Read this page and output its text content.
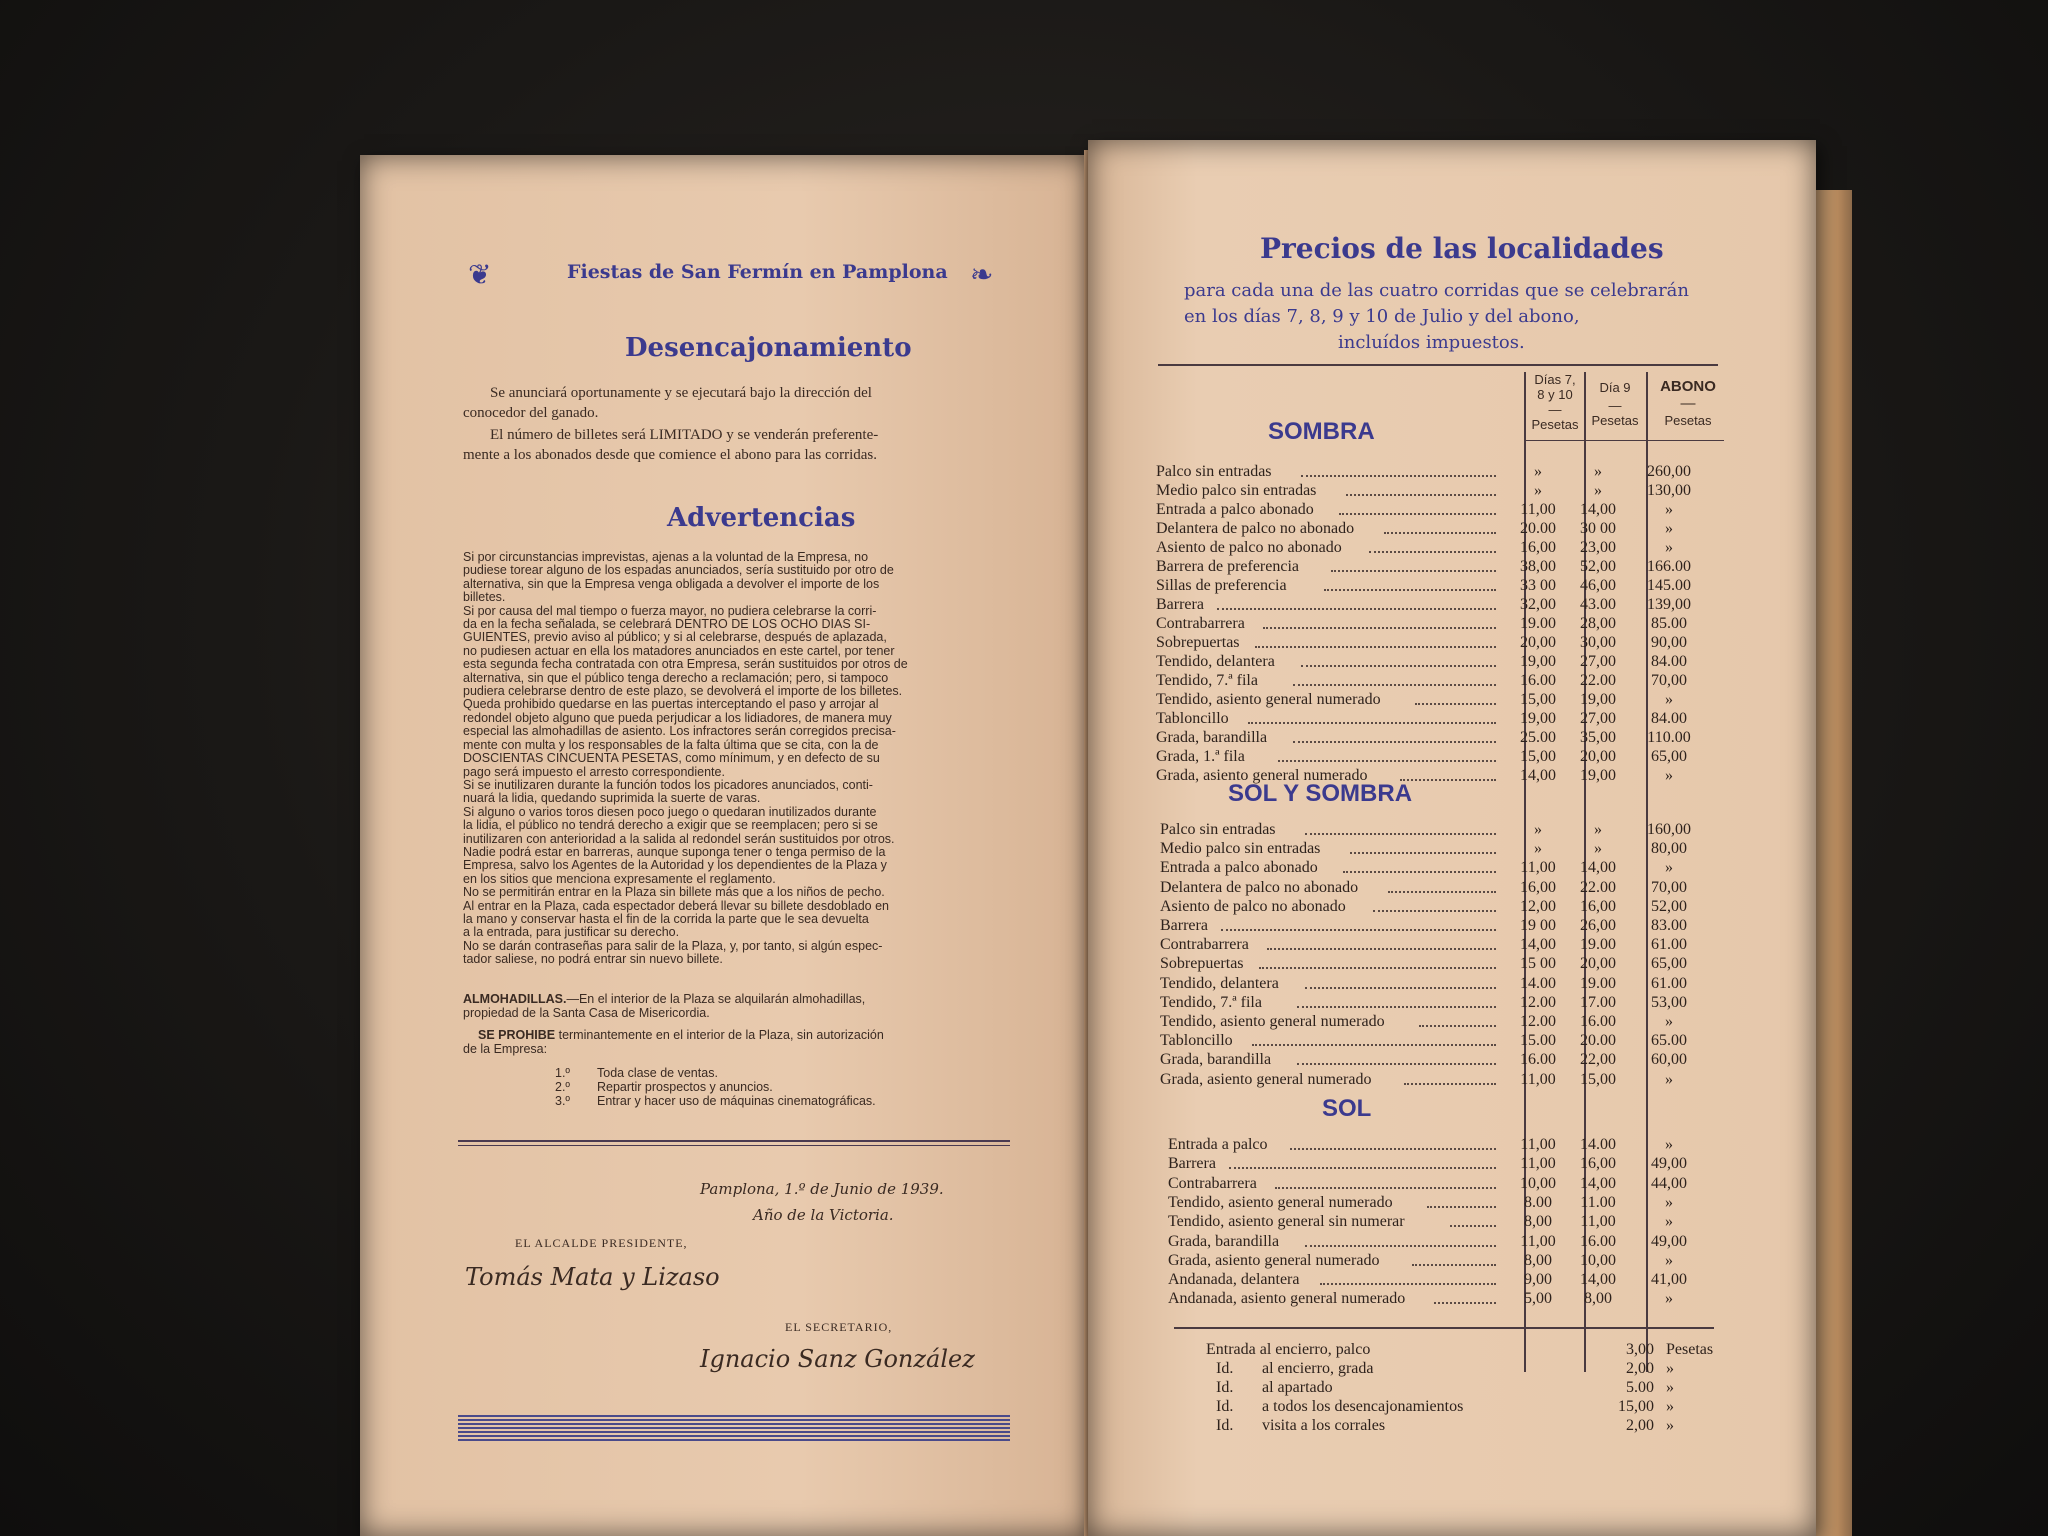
❦	Fiestas de San Fermín en Pamplona ❧
Desencajonamiento
Se anunciará oportunamente y se ejecutará bajo la dirección del
conocedor del ganado.
El número de billetes será LIMITADO y se venderán preferente-
mente a los abonados desde que comience el abono para las corridas.
Advertencias
Si por circunstancias imprevistas, ajenas a la voluntad de la Empresa, no
pudiese torear alguno de los espadas anunciados, sería sustituido por otro de
alternativa, sin que la Empresa venga obligada a devolver el importe de los
billetes.
Si por causa del mal tiempo o fuerza mayor, no pudiera celebrarse la corri-
da en la fecha señalada, se celebrará DENTRO DE LOS OCHO DIAS SI-
GUIENTES, previo aviso al público; y si al celebrarse, después de aplazada,
no pudiesen actuar en ella los matadores anunciados en este cartel, por tener
esta segunda fecha contratada con otra Empresa, serán sustituidos por otros de
alternativa, sin que el público tenga derecho a reclamación; pero, si tampoco
pudiera celebrarse dentro de este plazo, se devolverá el importe de los billetes.
Queda prohibido quedarse en las puertas interceptando el paso y arrojar al
redondel objeto alguno que pueda perjudicar a los lidiadores, de manera muy
especial las almohadillas de asiento. Los infractores serán corregidos precisa-
mente con multa y los responsables de la falta última que se cita, con la de
DOSCIENTAS CINCUENTA PESETAS, como mínimum, y en defecto de su
pago será impuesto el arresto correspondiente.
Si se inutilizaren durante la función todos los picadores anunciados, conti-
nuará la lidia, quedando suprimida la suerte de varas.
Si alguno o varios toros diesen poco juego o quedaran inutilizados durante
la lidia, el público no tendrá derecho a exigir que se reemplacen; pero si se
inutilizaren con anterioridad a la salida al redondel serán sustituidos por otros.
Nadie podrá estar en barreras, aunque suponga tener o tenga permiso de la
Empresa, salvo los Agentes de la Autoridad y los dependientes de la Plaza y
en los sitios que menciona expresamente el reglamento.
No se permitirán entrar en la Plaza sin billete más que a los niños de pecho.
Al entrar en la Plaza, cada espectador deberá llevar su billete desdoblado en
la mano y conservar hasta el fin de la corrida la parte que le sea devuelta
a la entrada, para justificar su derecho.
No se darán contraseñas para salir de la Plaza, y, por tanto, si algún espec-
tador saliese, no podrá entrar sin nuevo billete.
ALMOHADILLAS.—En el interior de la Plaza se alquilarán almohadillas,
propiedad de la Santa Casa de Misericordia.
SE PROHIBE terminantemente en el interior de la Plaza, sin autorización
de la Empresa:
1.º Toda clase de ventas.
2.º Repartir prospectos y anuncios.
3.º Entrar y hacer uso de máquinas cinematográficas.
Pamplona, 1.º de Junio de 1939.
Año de la Victoria.
EL ALCALDE PRESIDENTE,
Tomás Mata y Lizaso
EL SECRETARIO,
Ignacio Sanz González
Precios de las localidades
para cada una de las cuatro corridas que se celebrarán
en los días 7, 8, 9 y 10 de Julio y del abono,
incluídos impuestos.
Días 7,
8 y 10
—
Pesetas
Día 9
—
Pesetas
ABONO
—
Pesetas
SOMBRA
Palco sin entradas	»	»	260,00
Medio palco sin entradas	»	»	130,00
Entrada a palco abonado	11,00	14,00	»
Delantera de palco no abonado	20.00	30 00	»
Asiento de palco no abonado	16,00	23,00	»
Barrera de preferencia	38,00	52,00	166.00
Sillas de preferencia	33 00	46,00	145.00
Barrera	32,00	43.00	139,00
Contrabarrera	19.00	28,00	85.00
Sobrepuertas	20,00	30,00	90,00
Tendido, delantera	19,00	27,00	84.00
Tendido, 7.ª fila	16.00	22.00	70,00
Tendido, asiento general numerado	15,00	19,00	»
Tabloncillo	19,00	27,00	84.00
Grada, barandilla	25.00	35,00	110.00
Grada, 1.ª fila	15,00	20,00	65,00
Grada, asiento general numerado	14,00	19,00	»
SOL Y SOMBRA
Palco sin entradas	»	»	160,00
Medio palco sin entradas	»	»	80,00
Entrada a palco abonado	11,00	14,00	»
Delantera de palco no abonado	16,00	22.00	70,00
Asiento de palco no abonado	12,00	16,00	52,00
Barrera	19 00	26,00	83.00
Contrabarrera	14,00	19.00	61.00
Sobrepuertas	15 00	20,00	65,00
Tendido, delantera	14.00	19.00	61.00
Tendido, 7.ª fila	12.00	17.00	53,00
Tendido, asiento general numerado	12.00	16.00	»
Tabloncillo	15.00	20.00	65.00
Grada, barandilla	16.00	22,00	60,00
Grada, asiento general numerado	11,00	15,00	»
SOL
Entrada a palco	11,00	14.00	»
Barrera	11,00	16,00	49,00
Contrabarrera	10,00	14,00	44,00
Tendido, asiento general numerado	8.00	11.00	»
Tendido, asiento general sin numerar	8,00	11,00	»
Grada, barandilla	11,00	16.00	49,00
Grada, asiento general numerado	8,00	10,00	»
Andanada, delantera	9,00	14,00	41,00
Andanada, asiento general numerado	5,00	8,00	»
Entrada al encierro, palco	3,00 Pesetas
Id. al encierro, grada	2,00 »
Id. al apartado	5.00 »
Id. a todos los desencajonamientos	15,00 »
Id. visita a los corrales	2,00 »
